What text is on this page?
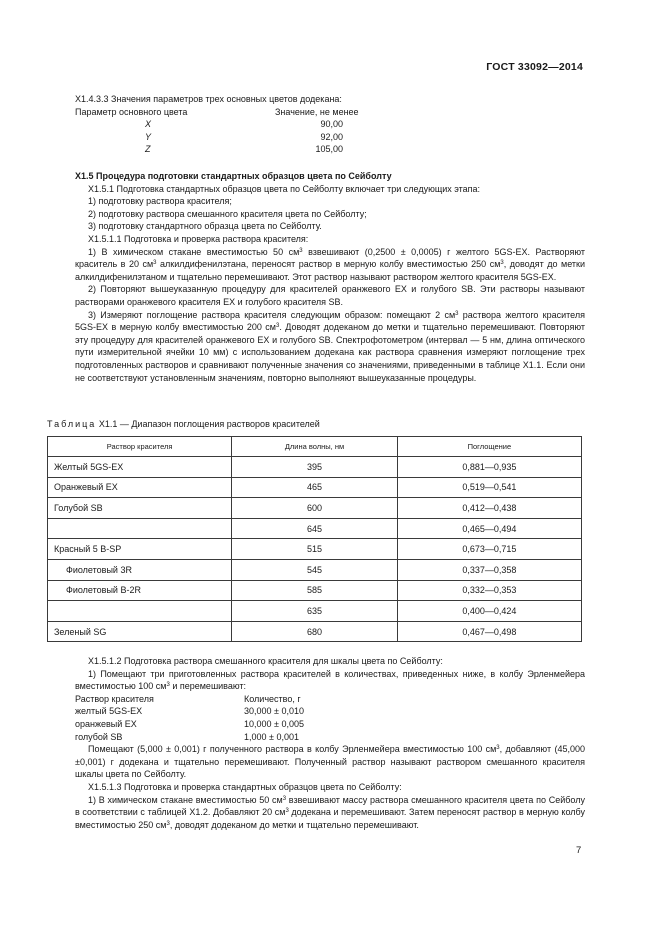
ГОСТ 33092—2014

X1.4.3.3 Значения параметров трех основных цветов додекана:

Параметр основного цвета	Значение, не менее
X	90,00
Y	92,00
Z	105,00

X1.5 Процедура подготовки стандартных образцов цвета по Сейболту

X1.5.1 Подготовка стандартных образцов цвета по Сейболту включает три следующих этапа:

1) подготовку раствора красителя;

2) подготовку раствора смешанного красителя цвета по Сейболту;

3) подготовку стандартного образца цвета по Сейболту.

X1.5.1.1 Подготовка и проверка раствора красителя:

1) В химическом стакане вместимостью 50 $см^3$ взвешивают (0,2500 ± 0,0005) г желтого 5GS-EX. Растворяют краситель в 20 $см^3$ алкилдифенилэтана, переносят раствор в мерную колбу вместимостью 250 $см^3$, доводят до метки алкилдифенилэтаном и тщательно перемешивают. Этот раствор называют раствором желтого красителя 5GS-EX.

2) Повторяют вышеуказанную процедуру для красителей оранжевого EX и голубого SB. Эти растворы называют растворами оранжевого красителя EX и голубого красителя SB.

3) Измеряют поглощение раствора красителя следующим образом: помещают 2 $см^3$ раствора желтого красителя 5GS-EX в мерную колбу вместимостью 200 $см^3$. Доводят додеканом до метки и тщательно перемешивают. Повторяют эту процедуру для красителей оранжевого EX и голубого SB. Спектрофотометром (интервал — 5 нм, длина оптического пути измерительной ячейки 10 мм) с использованием додекана как раствора сравнения измеряют поглощение трех подготовленных растворов и сравнивают полученные значения со значениями, приведенными в таблице X1.1. Если они не соответствуют установленным значениям, повторно выполняют вышеуказанные процедуры.

Таблица X1.1 — Диапазон поглощения растворов красителей
Раствор красителя	Длина волны, нм	Поглощение
Желтый 5GS-EX	395	0,881—0,935
Оранжевый EX	465	0,519—0,541
Голубой SB	600	0,412—0,438
	645	0,465—0,494
Красный 5 B-SP	515	0,673—0,715
Фиолетовый 3R	545	0,337—0,358
Фиолетовый B-2R	585	0,332—0,353
	635	0,400—0,424
Зеленый SG	680	0,467—0,498

X1.5.1.2 Подготовка раствора смешанного красителя для шкалы цвета по Сейболту:

1) Помещают три приготовленных раствора красителей в количествах, приведенных ниже, в колбу Эрленмейера вместимостью 100 $см^3$ и перемешивают:

Раствор красителя	Количество, г
желтый 5GS-EX	30,000 ± 0,010
оранжевый EX	10,000 ± 0,005
голубой SB	1,000 ± 0,001

Помещают (5,000 ± 0,001) г полученного раствора в колбу Эрленмейера вместимостью 100 $см^3$, добавляют (45,000 ±0,001) г додекана и тщательно перемешивают. Полученный раствор называют раствором смешанного красителя шкалы цвета по Сейболту.

X1.5.1.3 Подготовка и проверка стандартных образцов цвета по Сейболту:

1) В химическом стакане вместимостью 50 $см^3$ взвешивают массу раствора смешанного красителя цвета по Сейболу в соответствии с таблицей X1.2. Добавляют 20 $см^3$ додекана и перемешивают. Затем переносят раствор в мерную колбу вместимостью 250 $см^3$, доводят додеканом до метки и тщательно перемешивают.

7
